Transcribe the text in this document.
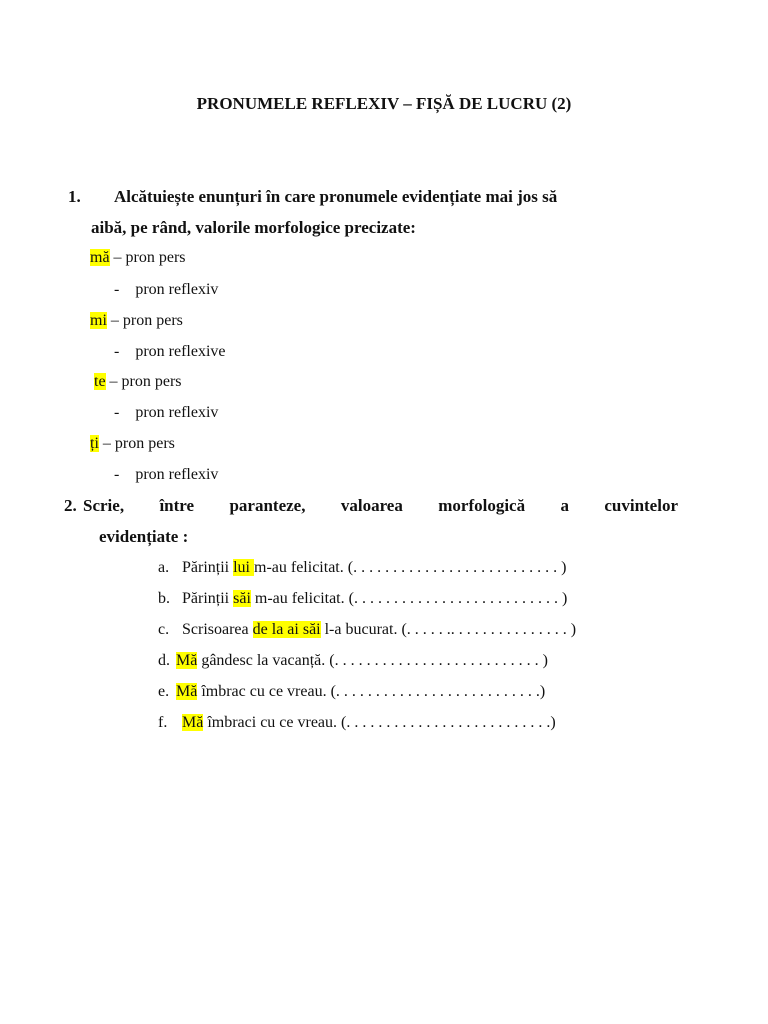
PRONUMELE REFLEXIV – FIȘĂ DE LUCRU (2)
1. Alcătuiește enunțuri în care pronumele evidențiate mai jos să
aibă, pe rând, valorile morfologice precizate:
mă – pron pers
- pron reflexiv
mi – pron pers
- pron reflexive
te – pron pers
- pron reflexiv
ți – pron pers
- pron reflexiv
2. Scrie, între paranteze, valoarea morfologică a cuvintelor
evidențiate :
a. Părinții lui m-au felicitat. (. . . . . . . . . . . . . . . . . . . . . . . . . . )
b. Părinții săi m-au felicitat. (. . . . . . . . . . . . . . . . . . . . . . . . . . )
c. Scrisoarea de la ai săi l-a bucurat. (. . . . . .. . . . . . . . . . . . . . . )
d. Mă gândesc la vacanță. (. . . . . . . . . . . . . . . . . . . . . . . . . . )
e. Mă îmbrac cu ce vreau. (. . . . . . . . . . . . . . . . . . . . . . . . . .)
f. Mă îmbraci cu ce vreau. (. . . . . . . . . . . . . . . . . . . . . . . . . .)
